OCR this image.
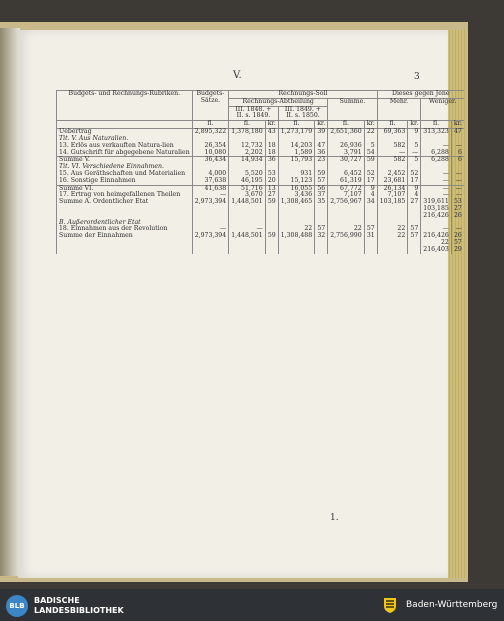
V.	3
Budgets- und Rechnungs-Rubriken.	Budgets-Sätze.	Rechnungs-Soll						Dieses gegen Jene			
		Rechnungs-Abtheilung				Summe.		Mehr.		Weniger.	
		III. 1848. + II. s. 1849.		III. 1849. + II. s. 1850.							
	fl.	fl.	kr.	fl.	kr.	fl.	kr.	fl.	kr.	fl.	kr.
Uebertrag	2,895,322	1,378,180	43	1,273,179	39	2,651,360	22	69,363	9	313,323	47
Tit. V. Aus Naturalien.											
13. Erlös aus verkauften Natura-lien	26,354	12,732	18	14,203	47	26,936	5	582	5	—	—
14. Gutschrift für abgegebene Naturalien	10,080	2,202	18	1,589	36	3,791	54	—	—	6,288	6
Summe V.	36,434	14,934	36	15,793	23	30,727	59	582	5	6,288	6
Tit. VI. Verschiedene Einnahmen.											
15. Aus Geräthschaften und Materialien	4,000	5,520	53	931	59	6,452	52	2,452	52	—	—
16. Sonstige Einnahmen	37,638	46,195	20	15,123	57	61,319	17	23,681	17	—	—
Summe VI.	41,638	51,716	13	16,055	56	67,772	9	26,134	9	—	—
17. Ertrag von heimgefallenen Theilen	—	3,670	27	3,436	37	7,107	4	7,107	4	—	—
Summe A. Ordentlicher Etat	2,973,394	1,448,501	59	1,308,465	35	2,756,967	34	103,185	27	319,611	53
										103,185	27
										216,426	26
B. Außerordentlicher Etat											
18. Einnahmen aus der Revolution	—	—		22	57	22	57	22	57	—	—
Summe der Einnahmen	2,973,394	1,448,501	59	1,308,488	32	2,756,990	31	22	57	216,426	26
										22	57
										216,403	29
1.
BLB
BADISCHE
LANDESBIBLIOTHEK
Baden-Württemberg
